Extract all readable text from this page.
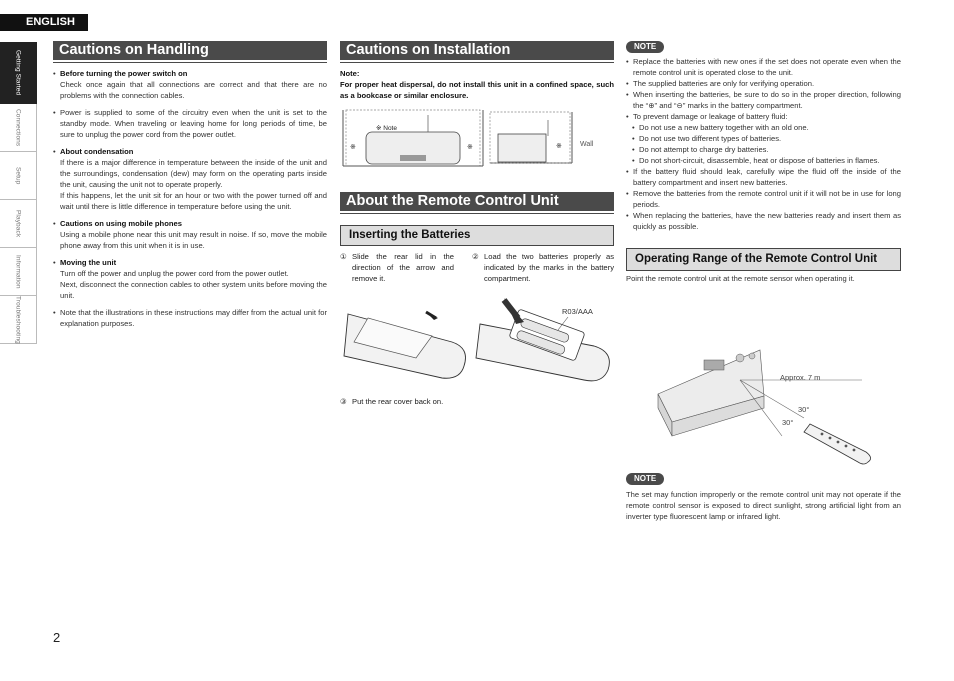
ENGLISH
Getting Started
Connections
Setup
Playback
Information
Troubleshooting
Cautions on Handling
• Before turning the power switch on
Check once again that all connections are correct and that there are no problems with the connection cables.
• Power is supplied to some of the circuitry even when the unit is set to the standby mode. When traveling or leaving home for long periods of time, be sure to unplug the power cord from the power outlet.
• About condensation
If there is a major difference in temperature between the inside of the unit and the surroundings, condensation (dew) may form on the operating parts inside the unit, causing the unit not to operate properly.
If this happens, let the unit sit for an hour or two with the power turned off and wait until there is little difference in temperature before using the unit.
• Cautions on using mobile phones
Using a mobile phone near this unit may result in noise. If so, move the mobile phone away from this unit when it is in use.
• Moving the unit
Turn off the power and unplug the power cord from the power outlet.
Next, disconnect the connection cables to other system units before moving the unit.
• Note that the illustrations in these instructions may differ from the actual unit for explanation purposes.
Cautions on Installation
Note:
For proper heat dispersal, do not install this unit in a confined space, such as a bookcase or similar enclosure.
※ Note
※	※	※	Wall
About the Remote Control Unit
Inserting the Batteries
① Slide the rear lid in the direction of the arrow and remove it.
② Load the two batteries properly as indicated by the marks in the battery compartment.
③ Put the rear cover back on.
R03/AAA
NOTE
• Replace the batteries with new ones if the set does not operate even when the remote control unit is operated close to the unit.
• The supplied batteries are only for verifying operation.
• When inserting the batteries, be sure to do so in the proper direction, following the “⊕” and “⊖” marks in the battery compartment.
• To prevent damage or leakage of battery fluid:
• Do not use a new battery together with an old one.
• Do not use two different types of batteries.
• Do not attempt to charge dry batteries.
• Do not short-circuit, disassemble, heat or dispose of batteries in flames.
• If the battery fluid should leak, carefully wipe the fluid off the inside of the battery compartment and insert new batteries.
• Remove the batteries from the remote control unit if it will not be in use for long periods.
• When replacing the batteries, have the new batteries ready and insert them as quickly as possible.
Operating Range of the Remote Control Unit
Point the remote control unit at the remote sensor when operating it.
Approx. 7 m
30°
30°
NOTE
The set may function improperly or the remote control unit may not operate if the remote control sensor is exposed to direct sunlight, strong artificial light from an inverter type fluorescent lamp or infrared light.
2
